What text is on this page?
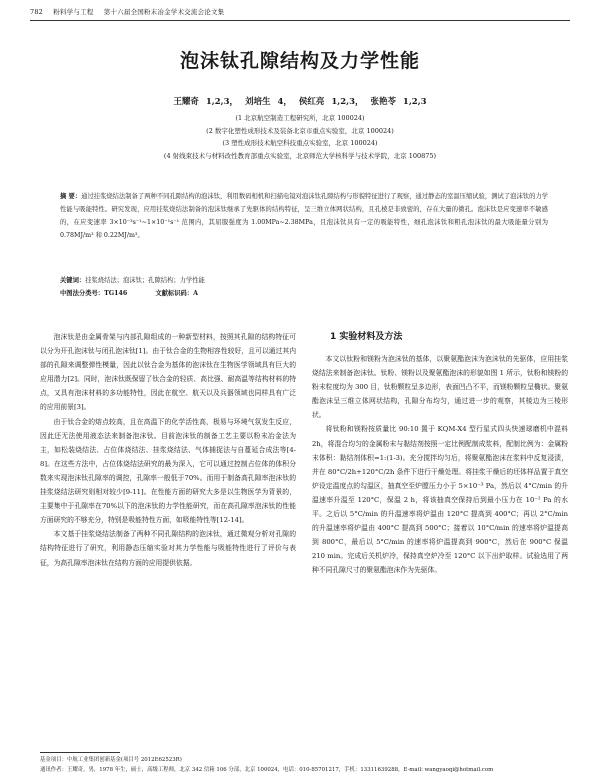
782 粉料学与工程 第十六届全国粉末冶金学术交流会论文集
泡沫钛孔隙结构及力学性能
王耀奇 1,2,3， 刘培生 4， 侯红亮 1,2,3， 张艳苓 1,2,3
(1 北京航空制造工程研究所，北京 100024)
(2 数字化塑性成形技术及装备北京市重点实验室，北京 100024)
(3 塑性成形技术航空科技重点实验室，北京 100024)
(4 射线束技术与材料改性教育部重点实验室，北京师范大学核科学与技术学院，北京 100875)
摘 要：通过挂浆烧结法制备了两种不同孔隙结构的泡沫钛，利用数码相机和扫描电镜对泡沫钛孔隙结构与形貌特征进行了观察，通过静态的室温压缩试验，测试了泡沫钛的力学性能与吸能特性。研究发现，应用挂浆烧结法制备的泡沫钛继承了先驱体的结构特征，呈三维立体网状结构，且孔棱是非致密的，存在大量的微孔。泡沫钛是应变速率不敏感的，在应变速率 3×10⁻³s⁻¹~1×10⁻¹s⁻¹ 范围内，其屈服强度为 1.00MPa~2.38MPa，且泡沫钛具有一定的吸能特性，细孔泡沫钛和粗孔泡沫钛的最大吸能量分别为 0.78MJ/m³ 和 0.22MJ/m³。
关键词：挂浆烧结法；泡沫钛；孔隙结构；力学性能
中图法分类号：TG146	文献标识码：A

泡沫钛是由金属骨架与内部孔隙组成的一种新型材料，按照其孔隙的结构特征可以分为开孔泡沫钛与闭孔泡沫钛[1]。由于钛合金的生物相容性较好，且可以通过其内部的孔隙来调整弹性模量，因此以钛合金为基体的泡沫钛在生物医学领域具有巨大的应用潜力[2]。同时，泡沫钛既保留了钛合金的轻质、高比强、耐高温等结构材料的特点，又具有泡沫材料的多功能特性，因此在航空、航天以及兵器领域也同样具有广泛的应用前景[3]。

由于钛合金的熔点较高，且在高温下的化学活性高，极易与环境气氛发生反应，因此还无法使用液态法来制备泡沫钛。目前泡沫钛的制备工艺主要以粉末冶金法为主，如松装烧结法、占位体烧结法、挂浆烧结法、气体捕捉法与自蔓延合成法等[4-8]。在这些方法中，占位体烧结法研究的最为深入，它可以通过控制占位体的体积分数来实现泡沫钛孔隙率的调控，孔隙率一般低于70%。而用于制备高孔隙率泡沫钛的挂浆烧结法研究则相对较少[9-11]。在性能方面的研究大多是以生物医学为背景的，主要集中于孔隙率在70%以下的泡沫钛的力学性能研究，而在高孔隙率泡沫钛的性能方面研究的不够充分，特别是吸能特性方面，如吸能特性等[12-14]。

本文基于挂浆烧结法制备了两种不同孔隙结构的泡沫钛，通过微观分析对孔隙的结构特征进行了研究，利用静态压缩实验对其力学性能与吸能特性进行了评价与表征，为高孔隙率泡沫钛在结构方面的应用提供依据。

1 实验材料及方法

本文以钛粉和镁粉为泡沫钛的基体，以聚氨酯泡沫为泡沫钛的先驱体，应用挂浆烧结法来制备泡沫钛。钛粉、镁粉以及聚氨酯泡沫的形貌如图 1 所示，钛粉和镁粉的粉末粒度均为 300 目，钛粉颗粒呈多边形，表面凹凸不平，而镁粉颗粒呈椭状。聚氨酯泡沫呈三维立体网状结构，孔隙分布均匀，通过进一步的观察，其棱边为三棱形状。

将钛粉和镁粉按质量比 90:10 置于 KQM-X4 型行星式四头快速球磨机中混料 2h，将混合均匀的金属粉末与黏结剂按照一定比例配制成浆料，配制比例为：金属粉末体积：黏结剂体积=1:(1-3)。充分搅拌均匀后，将聚氨酯泡沫在浆料中反复浸渍，并在 80°C/2h+120°C/2h 条件下进行干燥处理。将挂浆干燥后的坯体样品置于真空炉设定温度点的勾温区，抽真空至炉膛压力小于 5×10⁻³ Pa，然后以 4°C/min 的升温速率升温至 120°C，保温 2 h，将该抽真空保持后到最小压力在 10⁻² Pa 的水平。之后以 5°C/min 的升温速率将炉温由 120°C 提高到 400°C；再以 2°C/min 的升温速率将炉温由 400°C 提高到 500°C；接着以 10°C/min 的速率将炉温提高到 800°C，最后以 5°C/min 的速率将炉温提高到 900°C，然后在 900°C 保温 210 min。完成后关机炉冷，保持真空炉冷至 120°C 以下出炉取样。试验选用了两种不同孔隙尺寸的聚氨酯泡沫作为先驱体。

基金项目：中航工业集团创新基金(项目号 2012E62523R)
通讯作者：王耀奇，男，1978 年生，硕士，高级工程师，北京 342 信箱 106 分部，北京 100024，电话：010-85701217，手机：13311639288，E-mail: wangyaoqi@hotmail.com
